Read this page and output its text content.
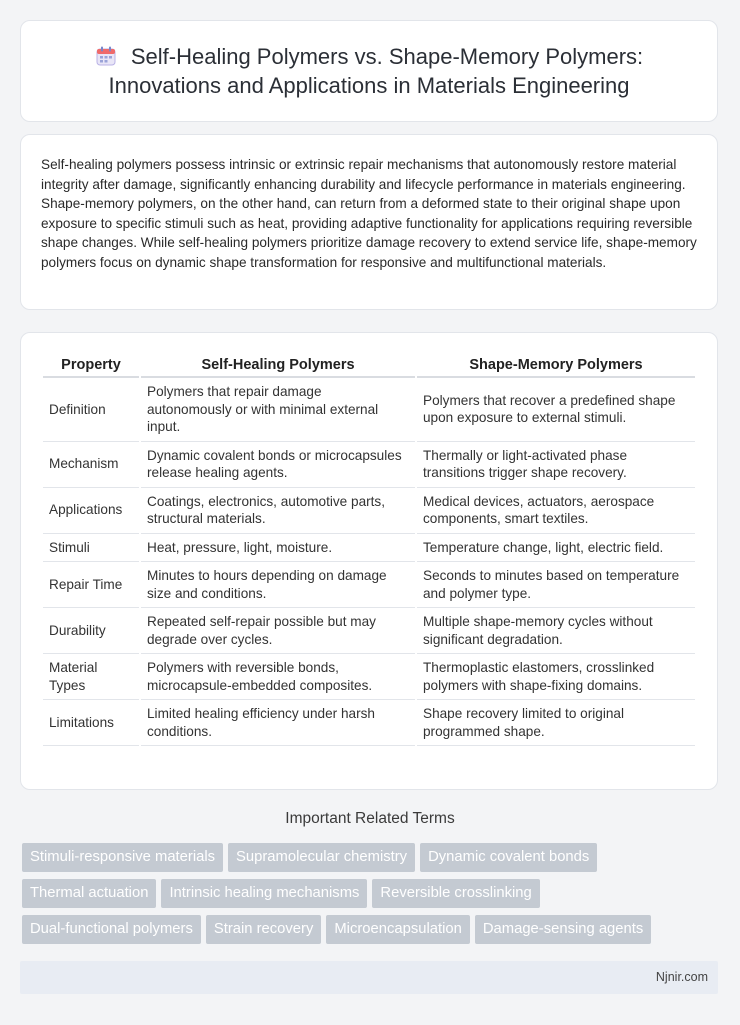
Self-Healing Polymers vs. Shape-Memory Polymers: Innovations and Applications in Materials Engineering

Self-healing polymers possess intrinsic or extrinsic repair mechanisms that autonomously restore material integrity after damage, significantly enhancing durability and lifecycle performance in materials engineering. Shape-memory polymers, on the other hand, can return from a deformed state to their original shape upon exposure to specific stimuli such as heat, providing adaptive functionality for applications requiring reversible shape changes. While self-healing polymers prioritize damage recovery to extend service life, shape-memory polymers focus on dynamic shape transformation for responsive and multifunctional materials.

Property	Self-Healing Polymers	Shape-Memory Polymers
Definition	Polymers that repair damage autonomously or with minimal external input.	Polymers that recover a predefined shape upon exposure to external stimuli.
Mechanism	Dynamic covalent bonds or microcapsules release healing agents.	Thermally or light-activated phase transitions trigger shape recovery.
Applications	Coatings, electronics, automotive parts, structural materials.	Medical devices, actuators, aerospace components, smart textiles.
Stimuli	Heat, pressure, light, moisture.	Temperature change, light, electric field.
Repair Time	Minutes to hours depending on damage size and conditions.	Seconds to minutes based on temperature and polymer type.
Durability	Repeated self-repair possible but may degrade over cycles.	Multiple shape-memory cycles without significant degradation.
Material Types	Polymers with reversible bonds, microcapsule-embedded composites.	Thermoplastic elastomers, crosslinked polymers with shape-fixing domains.
Limitations	Limited healing efficiency under harsh conditions.	Shape recovery limited to original programmed shape.
Important Related Terms
Stimuli-responsive materials Supramolecular chemistry Dynamic covalent bonds
Thermal actuation Intrinsic healing mechanisms Reversible crosslinking
Dual-functional polymers Strain recovery Microencapsulation Damage-sensing agents
Njnir.com
